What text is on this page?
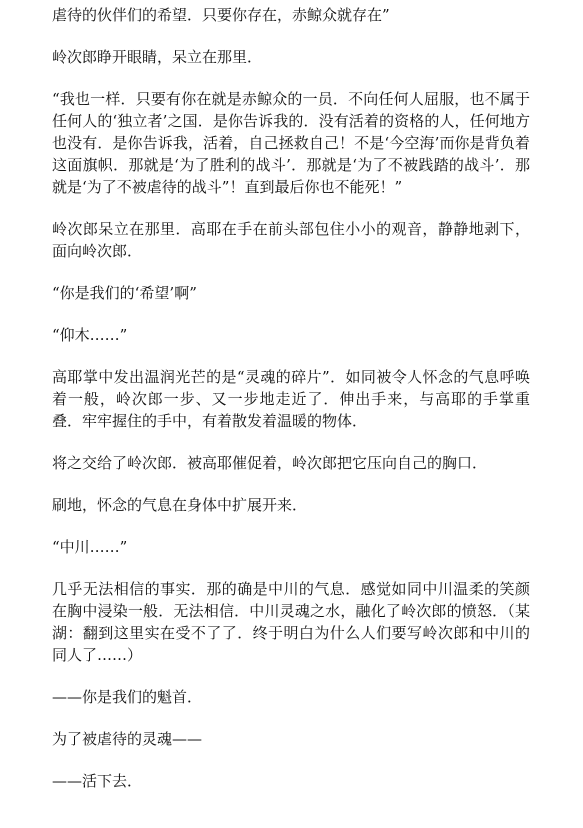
虐待的伙伴们的希望．只要你存在，赤鲸众就存在”

岭次郎睁开眼睛，呆立在那里．

“我也一样．只要有你在就是赤鲸众的一员．不向任何人屈服，也不属于任何人的‘独立者’之国．是你告诉我的．没有活着的资格的人，任何地方也没有．是你告诉我，活着，自己拯救自己！不是‘今空海’而你是背负着这面旗帜．那就是‘为了胜利的战斗’．那就是‘为了不被践踏的战斗’．那就是‘为了不被虐待的战斗”！直到最后你也不能死！”

岭次郎呆立在那里．高耶在手在前头部包住小小的观音，静静地剥下，面向岭次郎．

“你是我们的‘希望’啊”

“仰木……”

高耶掌中发出温润光芒的是“灵魂的碎片”．如同被令人怀念的气息呼唤着一般，岭次郎一步、又一步地走近了．伸出手来，与高耶的手掌重叠．牢牢握住的手中，有着散发着温暖的物体．

将之交给了岭次郎．被高耶催促着，岭次郎把它压向自己的胸口．

刷地，怀念的气息在身体中扩展开来．

“中川……”

几乎无法相信的事实．那的确是中川的气息．感觉如同中川温柔的笑颜在胸中浸染一般．无法相信．中川灵魂之水，融化了岭次郎的愤怒．（某湖：翻到这里实在受不了了．终于明白为什么人们要写岭次郎和中川的同人了……）

——你是我们的魁首．

为了被虐待的灵魂——

——活下去．
